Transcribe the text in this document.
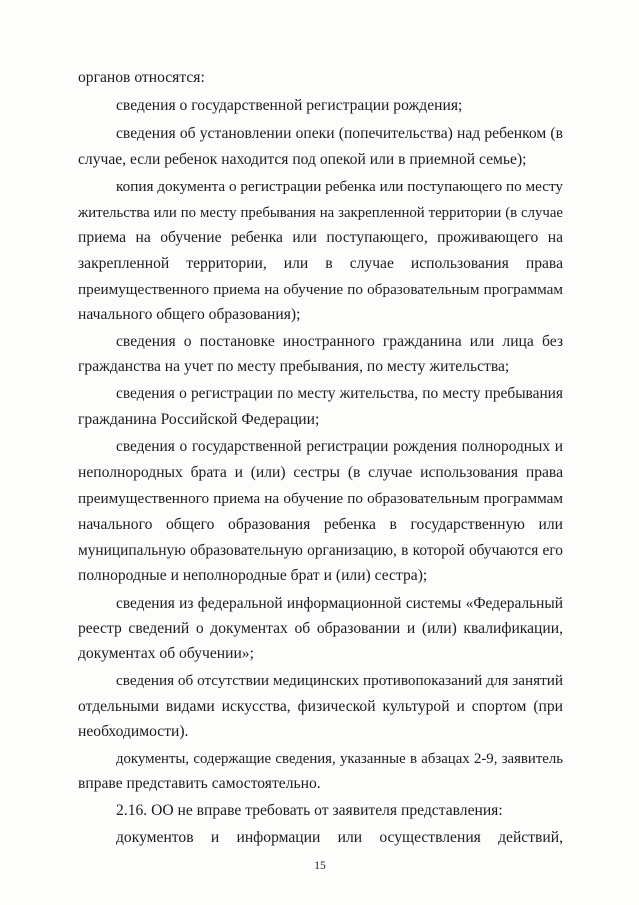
органов относятся:
сведения о государственной регистрации рождения;
сведения об установлении опеки (попечительства) над ребенком (в
случае, если ребенок находится под опекой или в приемной семье);
копия документа о регистрации ребенка или поступающего по месту
жительства или по месту пребывания на закрепленной территории (в случае
приема на обучение ребенка или поступающего, проживающего на
закрепленной территории, или в случае использования права
преимущественного приема на обучение по образовательным программам
начального общего образования);
сведения о постановке иностранного гражданина или лица без
гражданства на учет по месту пребывания, по месту жительства;
сведения о регистрации по месту жительства, по месту пребывания
гражданина Российской Федерации;
сведения о государственной регистрации рождения полнородных и
неполнородных брата и (или) сестры (в случае использования права
преимущественного приема на обучение по образовательным программам
начального общего образования ребенка в государственную или
муниципальную образовательную организацию, в которой обучаются его
полнородные и неполнородные брат и (или) сестра);
сведения из федеральной информационной системы «Федеральный
реестр сведений о документах об образовании и (или) квалификации,
документах об обучении»;
сведения об отсутствии медицинских противопоказаний для занятий
отдельными видами искусства, физической культурой и спортом (при
необходимости).
документы, содержащие сведения, указанные в абзацах 2-9, заявитель
вправе представить самостоятельно.
2.16. ОО не вправе требовать от заявителя представления:
документов и информации или осуществления действий,
15
